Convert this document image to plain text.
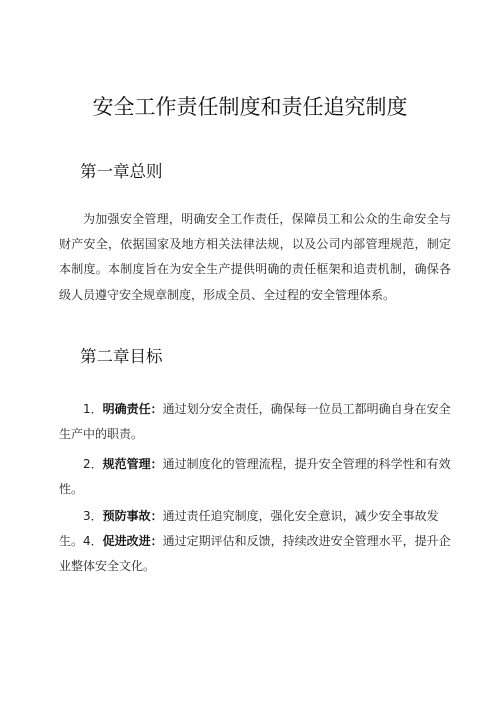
安全工作责任制度和责任追究制度
第一章总则

为加强安全管理，明确安全工作责任，保障员工和公众的生命安全与财产安全，依据国家及地方相关法律法规，以及公司内部管理规范，制定本制度。本制度旨在为安全生产提供明确的责任框架和追责机制，确保各级人员遵守安全规章制度，形成全员、全过程的安全管理体系。

第二章目标

1．明确责任：通过划分安全责任，确保每一位员工都明确自身在安全生产中的职责。

2．规范管理：通过制度化的管理流程，提升安全管理的科学性和有效性。

3．预防事故：通过责任追究制度，强化安全意识，减少安全事故发生。 4．促进改进：通过定期评估和反馈，持续改进安全管理水平，提升企业整体安全文化。
